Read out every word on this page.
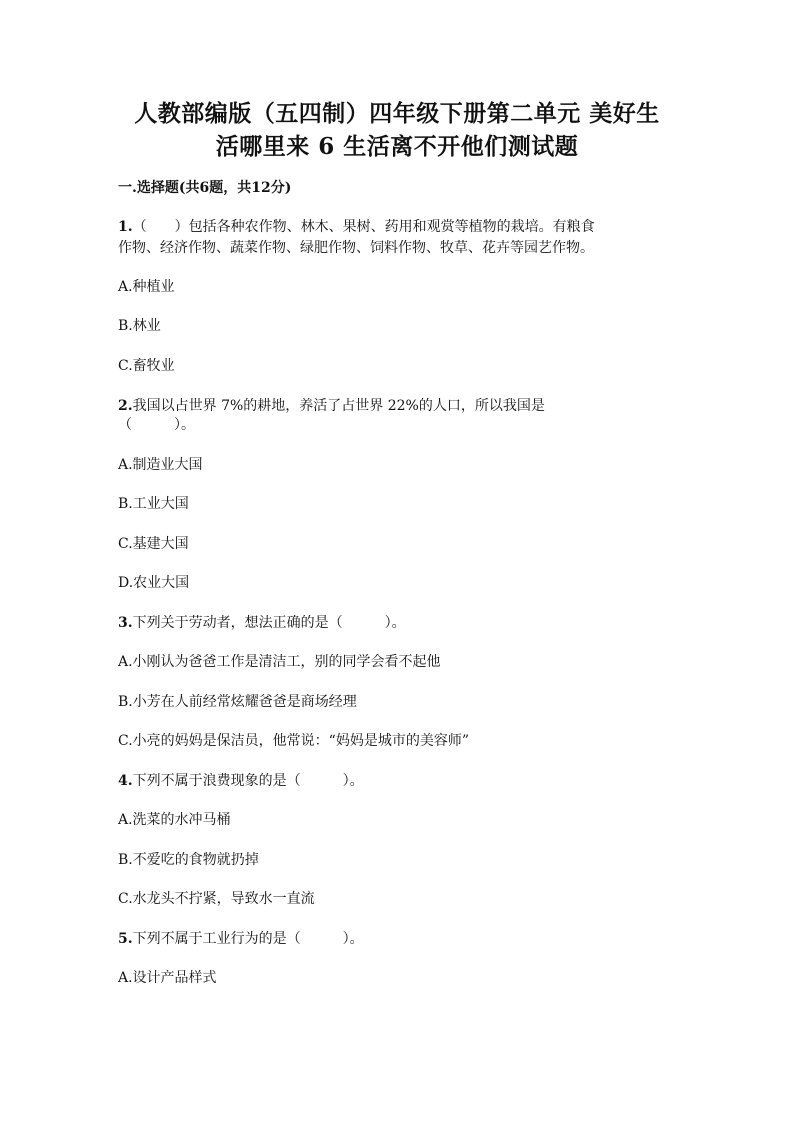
人教部编版（五四制）四年级下册第二单元 美好生
活哪里来 6 生活离不开他们测试题
一.选择题(共6题，共12分)
1.（　　）包括各种农作物、林木、果树、药用和观赏等植物的栽培。有粮食
作物、经济作物、蔬菜作物、绿肥作物、饲料作物、牧草、花卉等园艺作物。
A.种植业
B.林业
C.畜牧业
2.我国以占世界 7%的耕地，养活了占世界 22%的人口，所以我国是
（　　　）。
A.制造业大国
B.工业大国
C.基建大国
D.农业大国
3.下列关于劳动者，想法正确的是（　　　）。
A.小刚认为爸爸工作是清洁工，别的同学会看不起他
B.小芳在人前经常炫耀爸爸是商场经理
C.小亮的妈妈是保洁员，他常说：“妈妈是城市的美容师”
4.下列不属于浪费现象的是（　　　）。
A.洗菜的水冲马桶
B.不爱吃的食物就扔掉
C.水龙头不拧紧，导致水一直流
5.下列不属于工业行为的是（　　　）。
A.设计产品样式
